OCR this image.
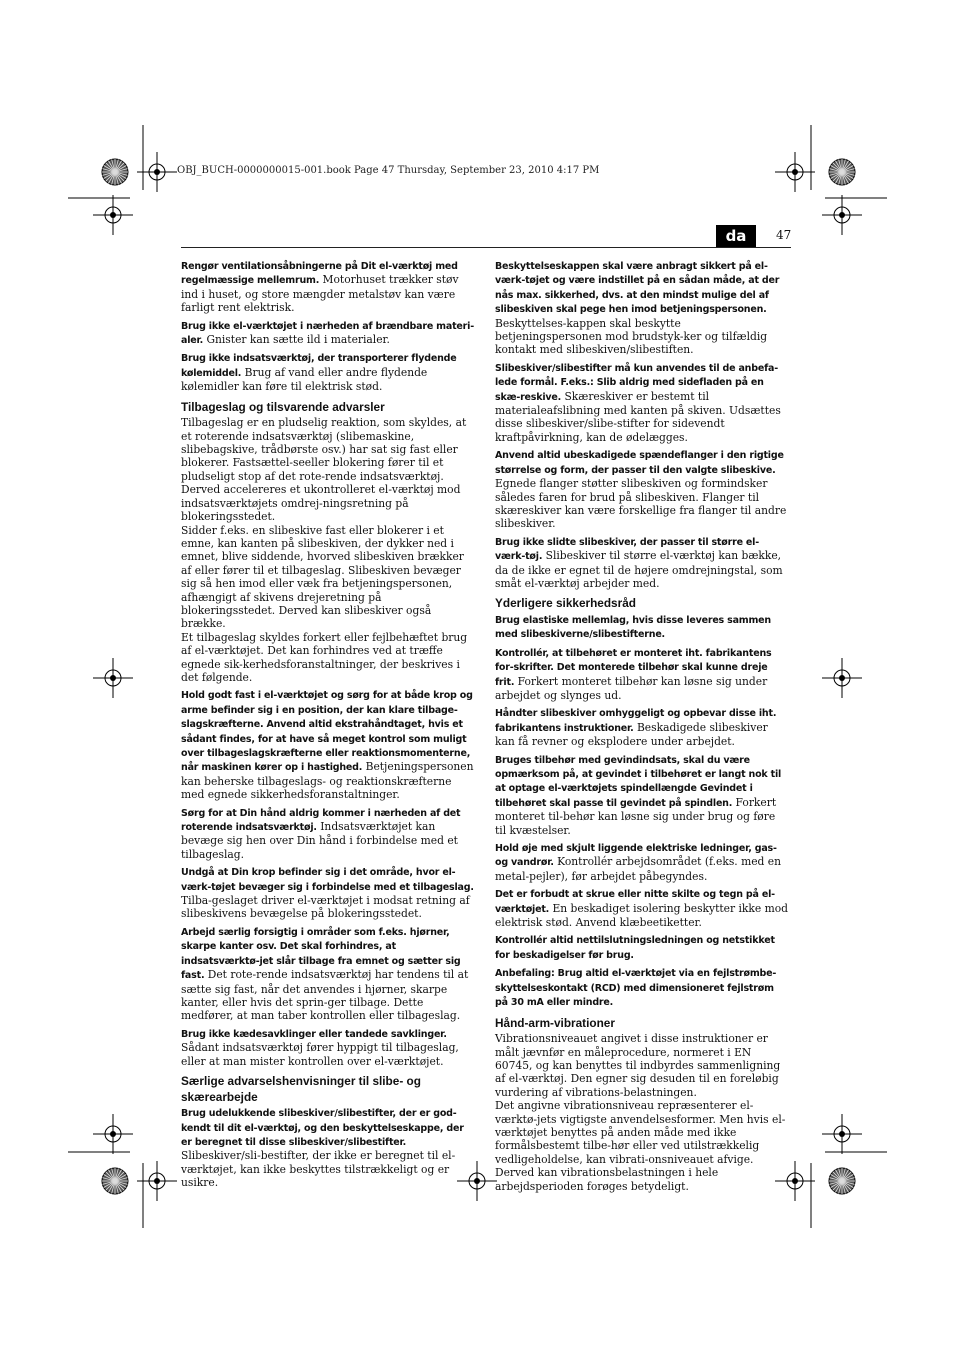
OBJ_BUCH-0000000015-001.book Page 47 Thursday, September 23, 2010 4:17 PM
da	47

Rengør ventilationsåbningerne på Dit el-værktøj med regelmæssige mellemrum. Motorhuset trækker støv ind i huset, og store mængder metalstøv kan være farligt rent elektrisk.

Brug ikke el-værktøjet i nærheden af brændbare materi-aler. Gnister kan sætte ild i materialer.

Brug ikke indsatsværktøj, der transporterer flydende kølemiddel. Brug af vand eller andre flydende kølemidler kan føre til elektrisk stød.

Tilbageslag og tilsvarende advarsler

Tilbageslag er en pludselig reaktion, som skyldes, at et roterende indsatsværktøj (slibemaskine, slibebagskive, trådbørste osv.) har sat sig fast eller blokerer. Fastsættel-seeller blokering fører til et pludseligt stop af det rote-rende indsatsværktøj. Derved accelereres et ukontrolleret el-værktøj mod indsatsværktøjets omdrej-ningsretning på blokeringsstedet.

Sidder f.eks. en slibeskive fast eller blokerer i et emne, kan kanten på slibeskiven, der dykker ned i emnet, blive siddende, hvorved slibeskiven brækker af eller fører til et tilbageslag. Slibeskiven bevæger sig så hen imod eller væk fra betjeningspersonen, afhængigt af skivens drejeretning på blokeringsstedet. Derved kan slibeskiver også brække.

Et tilbageslag skyldes forkert eller fejlbehæftet brug af el-værktøjet. Det kan forhindres ved at træffe egnede sik-kerhedsforanstaltninger, der beskrives i det følgende.

Hold godt fast i el-værktøjet og sørg for at både krop og arme befinder sig i en position, der kan klare tilbage-slagskræfterne. Anvend altid ekstrahåndtaget, hvis et sådant findes, for at have så meget kontrol som muligt over tilbageslagskræfterne eller reaktionsmomenterne, når maskinen kører op i hastighed. Betjeningspersonen kan beherske tilbageslags- og reaktionskræfterne med egnede sikkerhedsforanstaltninger.

Sørg for at Din hånd aldrig kommer i nærheden af det roterende indsatsværktøj. Indsatsværktøjet kan bevæge sig hen over Din hånd i forbindelse med et tilbageslag.

Undgå at Din krop befinder sig i det område, hvor el-værk-tøjet bevæger sig i forbindelse med et tilbageslag. Tilba-geslaget driver el-værktøjet i modsat retning af slibeskivens bevægelse på blokeringsstedet.

Arbejd særlig forsigtig i områder som f.eks. hjørner, skarpe kanter osv. Det skal forhindres, at indsatsværktø-jet slår tilbage fra emnet og sætter sig fast. Det rote-rende indsatsværktøj har tendens til at sætte sig fast, når det anvendes i hjørner, skarpe kanter, eller hvis det sprin-ger tilbage. Dette medfører, at man taber kontrollen eller tilbageslag.

Brug ikke kædesavklinger eller tandede savklinger. Sådant indsatsværktøj fører hyppigt til tilbageslag, eller at man mister kontrollen over el-værktøjet.

Særlige advarselshenvisninger til slibe- og skærearbejde

Brug udelukkende slibeskiver/slibestifter, der er god-kendt til dit el-værktøj, og den beskyttelseskappe, der er beregnet til disse slibeskiver/slibestifter. Slibeskiver/sli-bestifter, der ikke er beregnet til el-værktøjet, kan ikke beskyttes tilstrækkeligt og er usikre.

Beskyttelseskappen skal være anbragt sikkert på el-værk-tøjet og være indstillet på en sådan måde, at der nås max. sikkerhed, dvs. at den mindst mulige del af slibeskiven skal pege hen imod betjeningspersonen. Beskyttelses-kappen skal beskytte betjeningspersonen mod brudstyk-ker og tilfældig kontakt med slibeskiven/slibestiften.

Slibeskiver/slibestifter må kun anvendes til de anbefa-lede formål. F.eks.: Slib aldrig med sidefladen på en skæ-reskive. Skæreskiver er bestemt til materialeafslibning med kanten på skiven. Udsættes disse slibeskiver/slibe-stifter for sidevendt kraftpåvirkning, kan de ødelægges.

Anvend altid ubeskadigede spændeflanger i den rigtige størrelse og form, der passer til den valgte slibeskive. Egnede flanger støtter slibeskiven og formindsker således faren for brud på slibeskiven. Flanger til skæreskiver kan være forskellige fra flanger til andre slibeskiver.

Brug ikke slidte slibeskiver, der passer til større el-værk-tøj. Slibeskiver til større el-værktøj kan bække, da de ikke er egnet til de højere omdrejningstal, som småt el-værktøj arbejder med.

Yderligere sikkerhedsråd

Brug elastiske mellemlag, hvis disse leveres sammen med slibeskiverne/slibestifterne.

Kontrollér, at tilbehøret er monteret iht. fabrikantens for-skrifter. Det monterede tilbehør skal kunne dreje frit. Forkert monteret tilbehør kan løsne sig under arbejdet og slynges ud.

Håndter slibeskiver omhyggeligt og opbevar disse iht. fabrikantens instruktioner. Beskadigede slibeskiver kan få revner og eksplodere under arbejdet.

Bruges tilbehør med gevindindsats, skal du være opmærksom på, at gevindet i tilbehøret er langt nok til at optage el-værktøjets spindellængde Gevindet i tilbehøret skal passe til gevindet på spindlen. Forkert monteret til-behør kan løsne sig under brug og føre til kvæstelser.

Hold øje med skjult liggende elektriske ledninger, gas- og vandrør. Kontrollér arbejdsområdet (f.eks. med en metal-pejler), før arbejdet påbegyndes.

Det er forbudt at skrue eller nitte skilte og tegn på el-værktøjet. En beskadiget isolering beskytter ikke mod elektrisk stød. Anvend klæbeetiketter.

Kontrollér altid nettilslutningsledningen og netstikket for beskadigelser før brug.

Anbefaling: Brug altid el-værktøjet via en fejlstrømbe-skyttelseskontakt (RCD) med dimensioneret fejlstrøm på 30 mA eller mindre.

Hånd-arm-vibrationer

Vibrationsniveauet angivet i disse instruktioner er målt jævnfør en måleprocedure, normeret i EN 60745, og kan benyttes til indbyrdes sammenligning af el-værktøj. Den egner sig desuden til en foreløbig vurdering af vibrations-belastningen.

Det angivne vibrationsniveau repræsenterer el-værktø-jets vigtigste anvendelsesformer. Men hvis el-værktøjet benyttes på anden måde med ikke formålsbestemt tilbe-hør eller ved utilstrækkelig vedligeholdelse, kan vibrati-onsniveauet afvige. Derved kan vibrationsbelastningen i hele arbejdsperioden forøges betydeligt.
